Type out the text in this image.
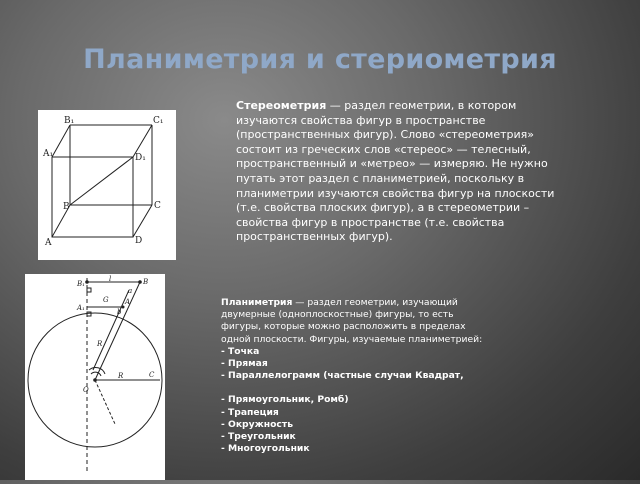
Планиметрия и стериометрия
B₁	C₁
A₁	D₁
B	C
A	D
B₁	B
A₁
A
G
a
b
l
R
R	C
O
Стереометрия — раздел геометрии, в котором изучаются свойства фигур в пространстве (пространственных фигур). Слово «стереометрия» состоит из греческих слов «стереос» — телесный, пространственный и «метрео» — измеряю. Не нужно путать этот раздел с планиметрией, поскольку в планиметрии изучаются свойства фигур на плоскости (т.е. свойства плоских фигур), а в стереометрии – свойства фигур в пространстве (т.е. свойства пространственных фигур).
Планиметрия — раздел геометрии, изучающий
двумерные (одноплоскостные) фигуры, то есть
фигуры, которые можно расположить в пределах
одной плоскости. Фигуры, изучаемые планиметрией:
- Точка
- Прямая
- Параллелограмм (частные случаи Квадрат,
- Прямоугольник, Ромб)
- Трапеция
- Окружность
- Треугольник
- Многоугольник
